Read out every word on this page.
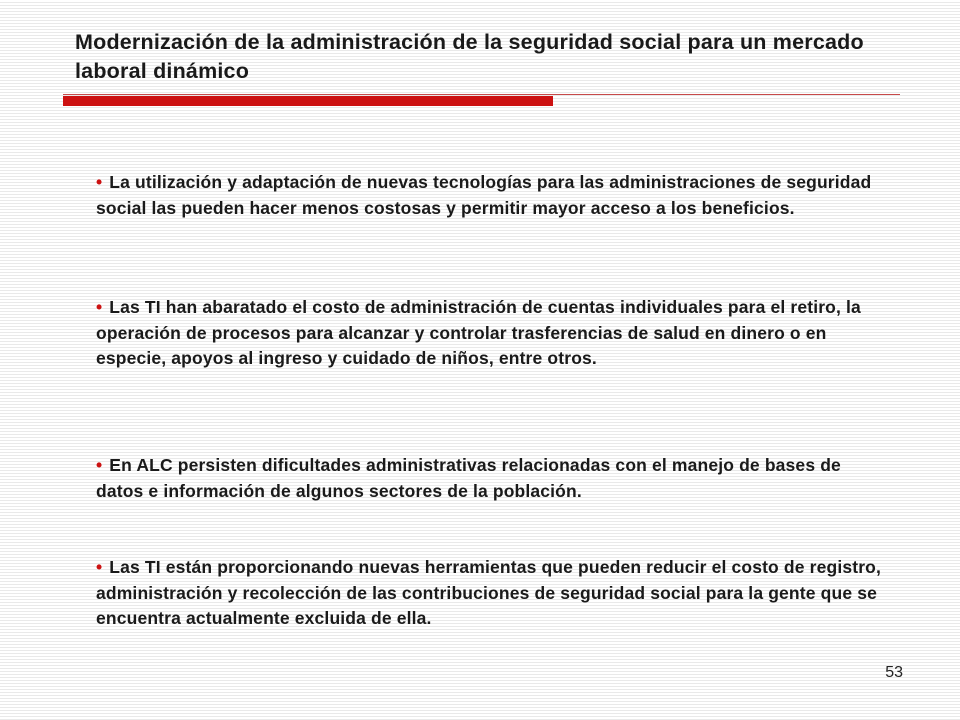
Modernización de la administración de la seguridad social para un mercado laboral dinámico
• La utilización y adaptación de nuevas tecnologías para las administraciones de seguridad social las pueden hacer menos costosas y permitir mayor acceso a los beneficios.
• Las TI han abaratado el costo de administración de cuentas individuales para el retiro, la operación de procesos para alcanzar y controlar trasferencias de salud en dinero o en especie, apoyos al ingreso y cuidado de niños, entre otros.
• En ALC persisten dificultades administrativas relacionadas con el manejo de bases de datos e información de algunos sectores de la población.
• Las TI están proporcionando nuevas herramientas que pueden reducir el costo de registro, administración y recolección de las contribuciones de seguridad social para la gente que se encuentra actualmente excluida de ella.
53
